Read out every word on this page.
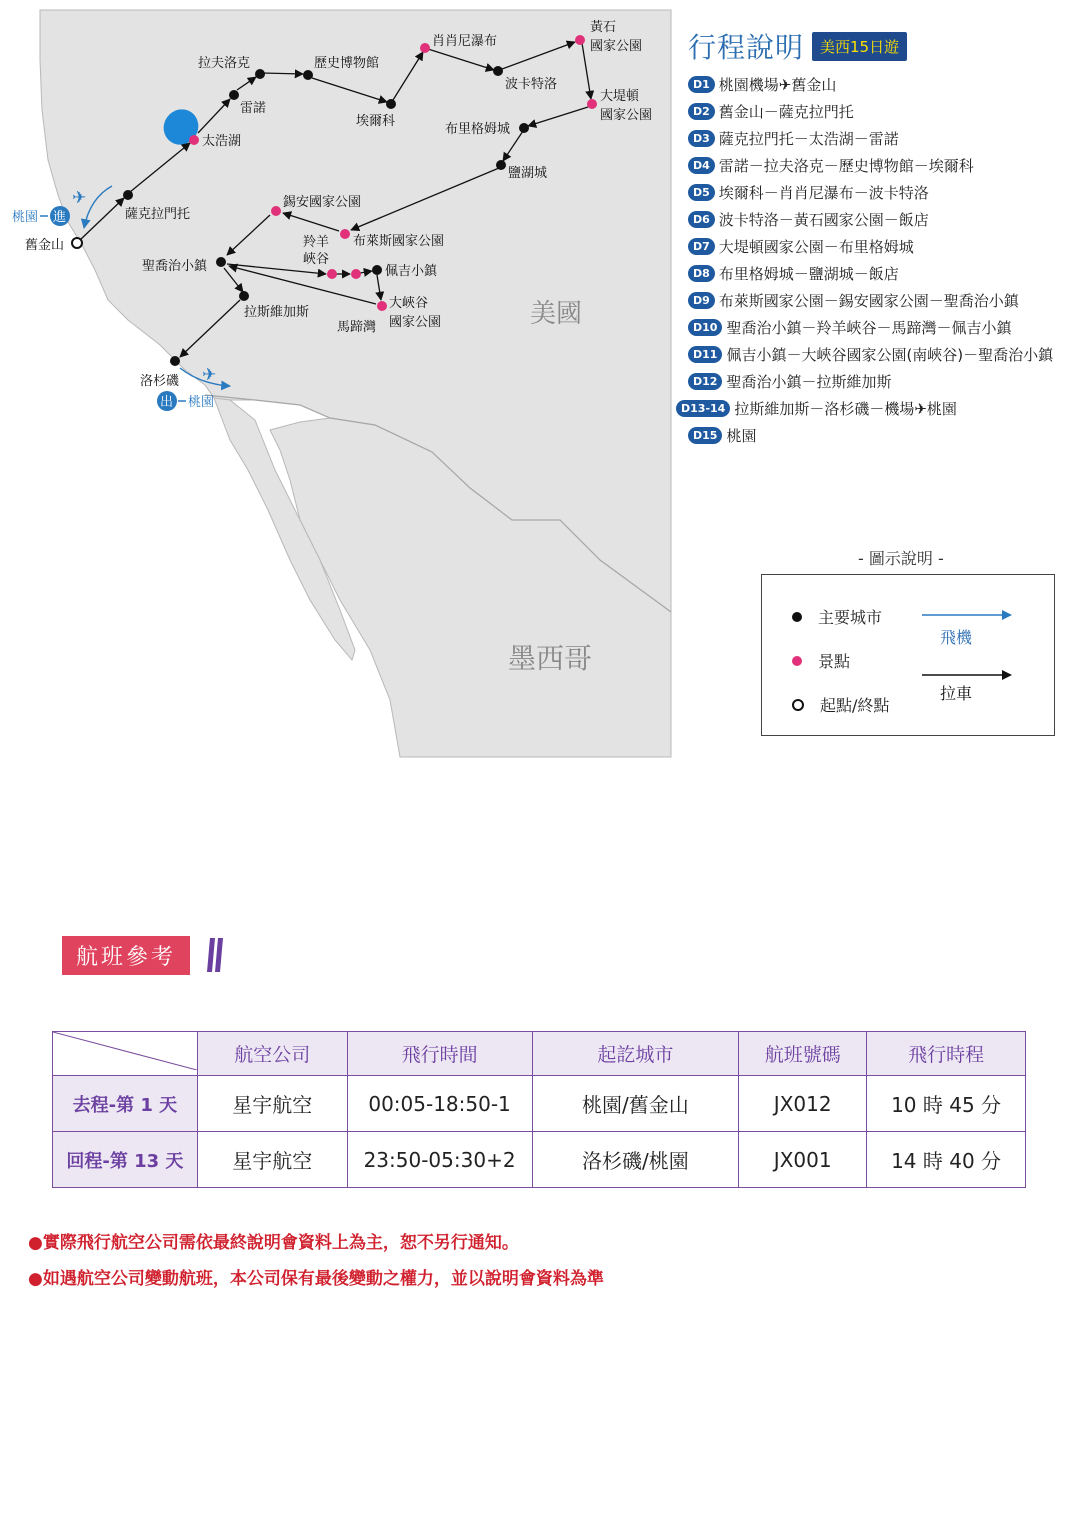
✈
✈
桃園 進
出 桃園
舊金山
薩克拉門托
太浩湖
雷諾
拉夫洛克	歷史博物館
埃爾科
肖肖尼瀑布
波卡特洛
黃石
國家公園
大堤頓
國家公園
布里格姆城
鹽湖城
錫安國家公園
布萊斯國家公園
羚羊
峽谷
聖喬治小鎮	佩吉小鎮
大峽谷
國家公園
馬蹄灣
拉斯維加斯
洛杉磯
美國
墨西哥
行程說明	美西15日遊
D1 桃園機場✈舊金山
D2 舊金山－薩克拉門托
D3 薩克拉門托－太浩湖－雷諾
D4 雷諾－拉夫洛克－歷史博物館－埃爾科
D5 埃爾科－肖肖尼瀑布－波卡特洛
D6 波卡特洛－黃石國家公園－飯店
D7 大堤頓國家公園－布里格姆城
D8 布里格姆城－鹽湖城－飯店
D9 布萊斯國家公園－錫安國家公園－聖喬治小鎮
D10 聖喬治小鎮－羚羊峽谷－馬蹄灣－佩吉小鎮
D11 佩吉小鎮－大峽谷國家公園(南峽谷)－聖喬治小鎮
D12 聖喬治小鎮－拉斯維加斯
D13-14 拉斯維加斯－洛杉磯－機場✈桃園
D15 桃園
- 圖示說明 -
主要城市
景點
起點/終點
飛機
拉車
航班參考
	航空公司	飛行時間	起訖城市	航班號碼	飛行時程
去程-第 1 天	星宇航空	00:05-18:50-1	桃園/舊金山	JX012	10 時 45 分
回程-第 13 天	星宇航空	23:50-05:30+2	洛杉磯/桃園	JX001	14 時 40 分
●實際飛行航空公司需依最終說明會資料上為主，恕不另行通知。
●如遇航空公司變動航班，本公司保有最後變動之權力，並以說明會資料為準
